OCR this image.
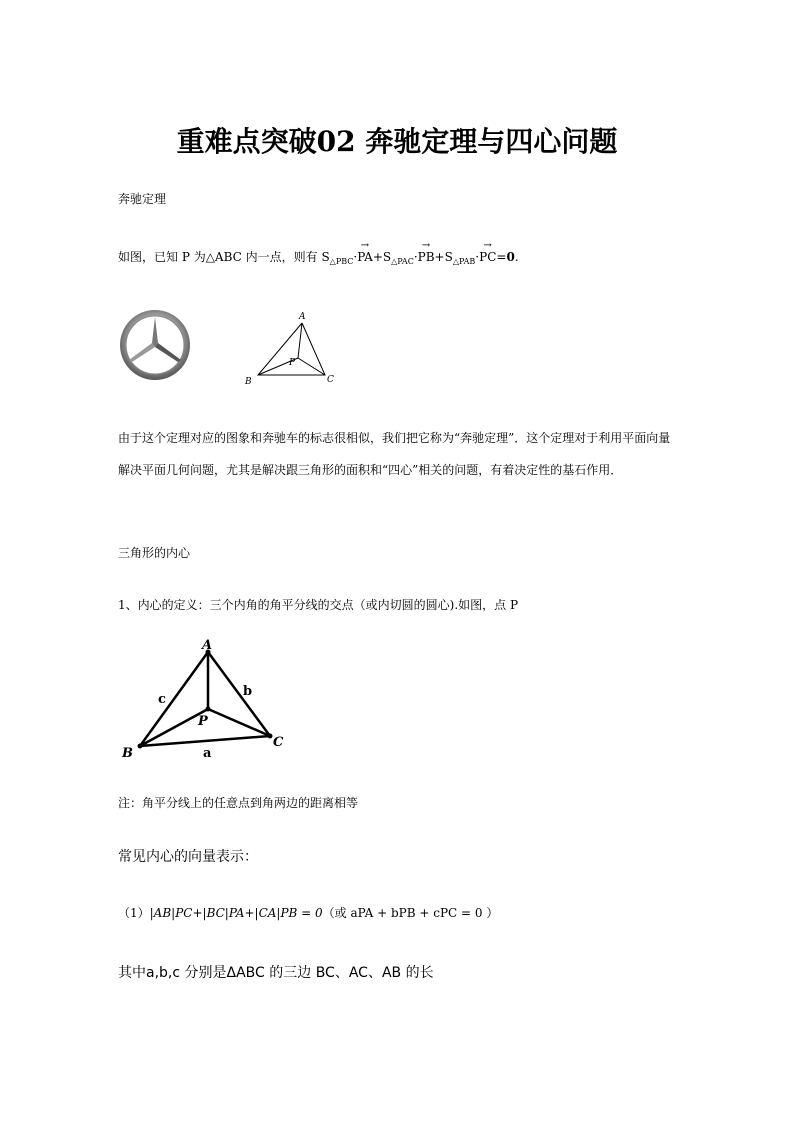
重难点突破02 奔驰定理与四心问题
奔驰定理
如图，已知 P 为△ABC 内一点，则有 $S_{\triangle PBC}\cdot\to PA+S_{\triangle PAC}\cdot\to PB+S_{\triangle PAB}\cdot\to PC=0$.
A
B	C
P
由于这个定理对应的图象和奔驰车的标志很相似，我们把它称为“奔驰定理”．这个定理对于利用平面向量解决平面几何问题，尤其是解决跟三角形的面积和“四心”相关的问题，有着决定性的基石作用．
三角形的内心
1、内心的定义：三个内角的角平分线的交点（或内切圆的圆心).如图，点 P
A
B
C
P
a
b
c
注：角平分线上的任意点到角两边的距离相等
常见内心的向量表示：
（1）|AB|PC+|BC|PA+|CA|PB = 0（或 aPA + bPB + cPC = 0 ）
其中a,b,c 分别是ΔABC 的三边 BC、AC、AB 的长
